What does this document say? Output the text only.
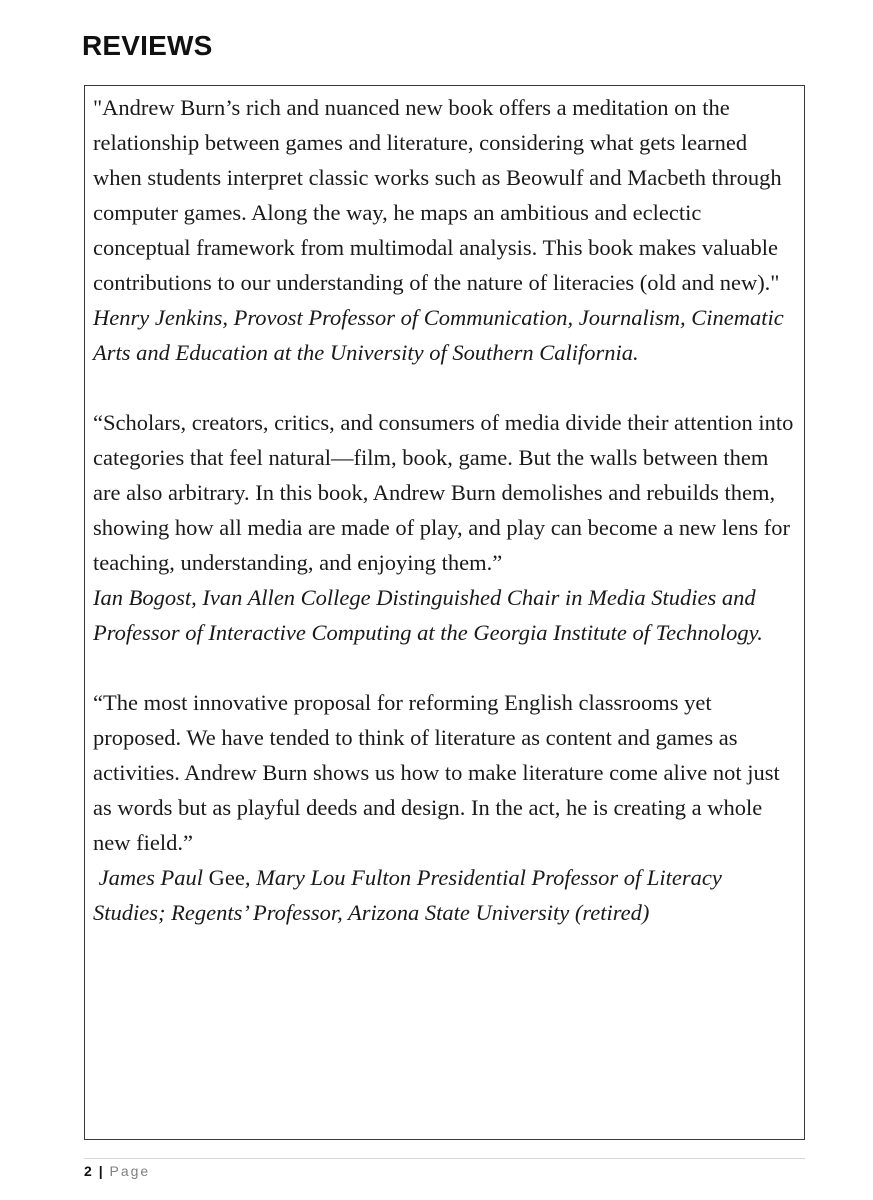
REVIEWS

"Andrew Burn’s rich and nuanced new book offers a meditation on the relationship between games and literature, considering what gets learned when students interpret classic works such as Beowulf and Macbeth through computer games. Along the way, he maps an ambitious and eclectic conceptual framework from multimodal analysis. This book makes valuable contributions to our understanding of the nature of literacies (old and new)."

Henry Jenkins, Provost Professor of Communication, Journalism, Cinematic Arts and Education at the University of Southern California.

“Scholars, creators, critics, and consumers of media divide their attention into categories that feel natural—film, book, game. But the walls between them are also arbitrary. In this book, Andrew Burn demolishes and rebuilds them, showing how all media are made of play, and play can become a new lens for teaching, understanding, and enjoying them.”

Ian Bogost, Ivan Allen College Distinguished Chair in Media Studies and Professor of Interactive Computing at the Georgia Institute of Technology.

“The most innovative proposal for reforming English classrooms yet proposed. We have tended to think of literature as content and games as activities. Andrew Burn shows us how to make literature come alive not just as words but as playful deeds and design. In the act, he is creating a whole new field.”

James Paul Gee, Mary Lou Fulton Presidential Professor of Literacy Studies; Regents’ Professor, Arizona State University (retired)

2 | Page
